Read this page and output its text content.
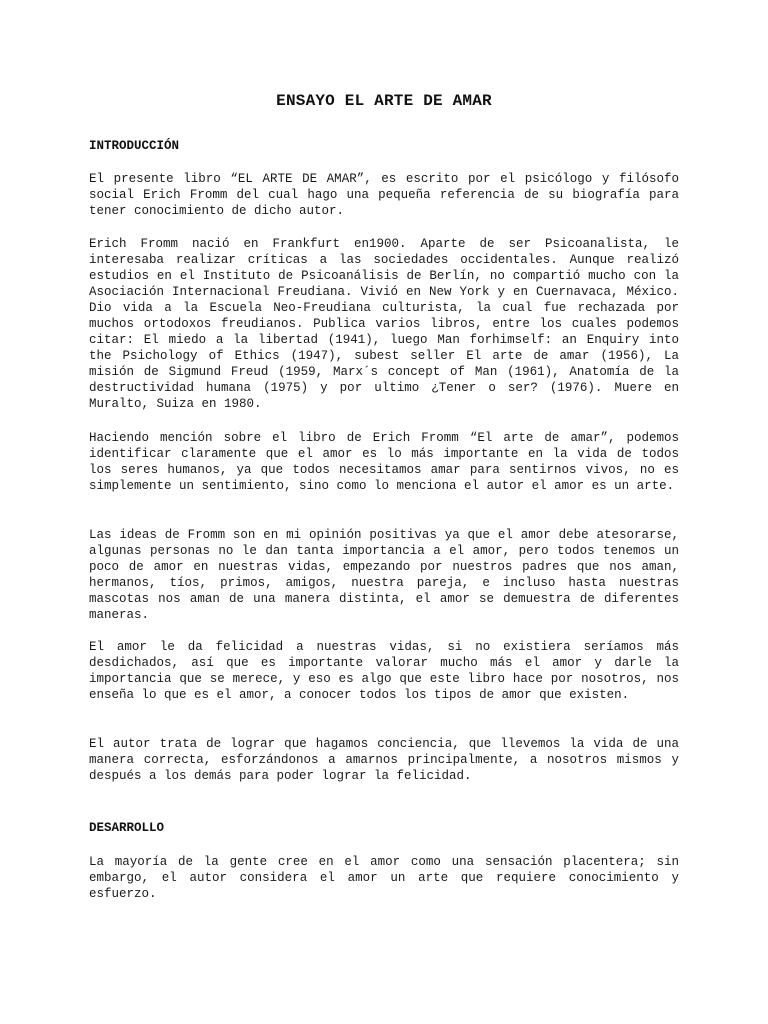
ENSAYO EL ARTE DE AMAR
INTRODUCCIÓN
El presente libro “EL ARTE DE AMAR”, es escrito por el psicólogo y filósofo social Erich Fromm del cual hago una pequeña referencia de su biografía para tener conocimiento de dicho autor.
Erich Fromm nació en Frankfurt en1900. Aparte de ser Psicoanalista, le interesaba realizar críticas a las sociedades occidentales. Aunque realizó estudios en el Instituto de Psicoanálisis de Berlín, no compartió mucho con la Asociación Internacional Freudiana. Vivió en New York y en Cuernavaca, México. Dio vida a la Escuela Neo-Freudiana culturista, la cual fue rechazada por muchos ortodoxos freudianos. Publica varios libros, entre los cuales podemos citar: El miedo a la libertad (1941), luego Man forhimself: an Enquiry into the Psichology of Ethics (1947), subest seller El arte de amar (1956), La misión de Sigmund Freud (1959, Marx´s concept of Man (1961), Anatomía de la destructividad humana (1975) y por ultimo ¿Tener o ser? (1976). Muere en Muralto, Suiza en 1980.
Haciendo mención sobre el libro de Erich Fromm “El arte de amar”, podemos identificar claramente que el amor es lo más importante en la vida de todos los seres humanos, ya que todos necesitamos amar para sentirnos vivos, no es simplemente un sentimiento, sino como lo menciona el autor el amor es un arte.
Las ideas de Fromm son en mi opinión positivas ya que el amor debe atesorarse, algunas personas no le dan tanta importancia a el amor, pero todos tenemos un poco de amor en nuestras vidas, empezando por nuestros padres que nos aman, hermanos, tíos, primos, amigos, nuestra pareja, e incluso hasta nuestras mascotas nos aman de una manera distinta, el amor se demuestra de diferentes maneras.
El amor le da felicidad a nuestras vidas, si no existiera seríamos más desdichados, así que es importante valorar mucho más el amor y darle la importancia que se merece, y eso es algo que este libro hace por nosotros, nos enseña lo que es el amor, a conocer todos los tipos de amor que existen.
El autor trata de lograr que hagamos conciencia, que llevemos la vida de una manera correcta, esforzándonos a amarnos principalmente, a nosotros mismos y después a los demás para poder lograr la felicidad.
DESARROLLO
La mayoría de la gente cree en el amor como una sensación placentera; sin embargo, el autor considera el amor un arte que requiere conocimiento y esfuerzo.
